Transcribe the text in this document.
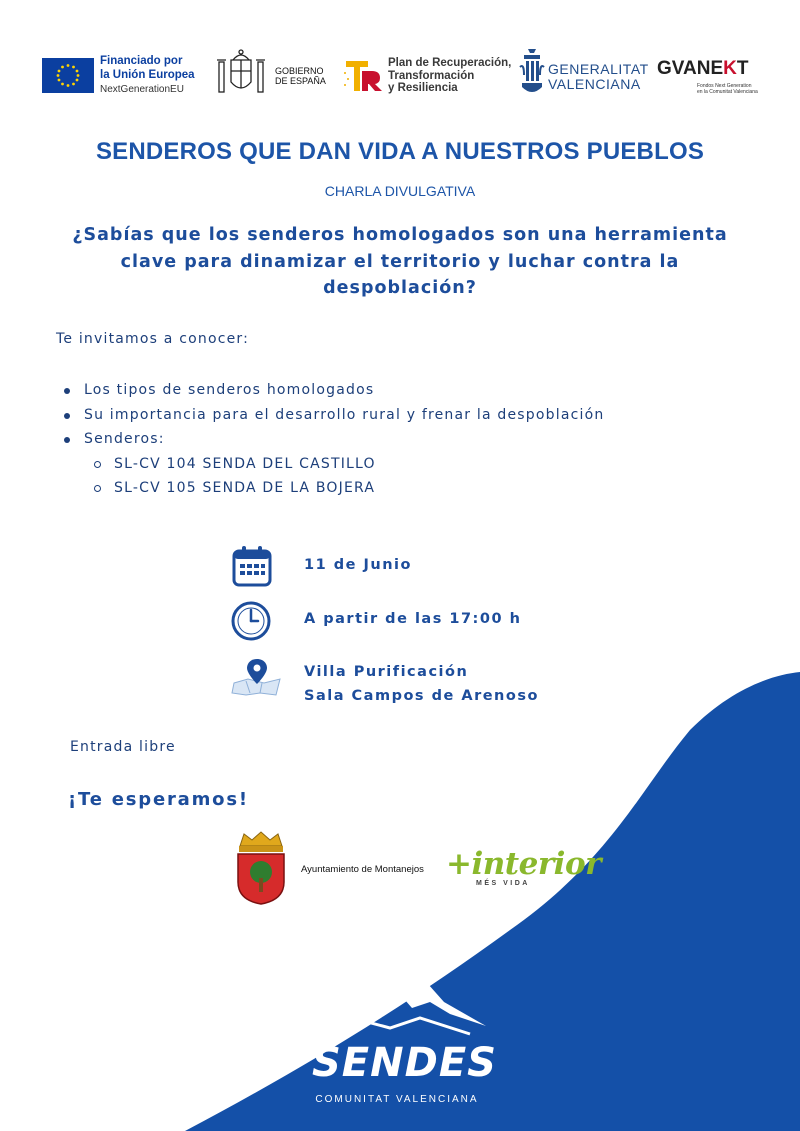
Financiado por
la Unión Europea
NextGenerationEU
GOBIERNO
DE ESPAÑA
Plan de Recuperación,
Transformación
y Resiliencia
GENERALITAT
VALENCIANA
GVANEKT
Fondos Next Generation
en la Comunitat Valenciana
SENDEROS QUE DAN VIDA A NUESTROS PUEBLOS
CHARLA DIVULGATIVA
¿Sabías que los senderos homologados son una herramienta clave para dinamizar el territorio y luchar contra la despoblación?
Te invitamos a conocer:
Los tipos de senderos homologados
Su importancia para el desarrollo rural y frenar la despoblación
Senderos:
SL-CV 104 SENDA DEL CASTILLO
SL-CV 105 SENDA DE LA BOJERA
11 de Junio
A partir de las 17:00 h
Villa Purificación
Sala Campos de Arenoso
Entrada libre
¡Te esperamos!
Ayuntamiento de Montanejos +interior
MÉS VIDA
SENDES
COMUNITAT VALENCIANA
